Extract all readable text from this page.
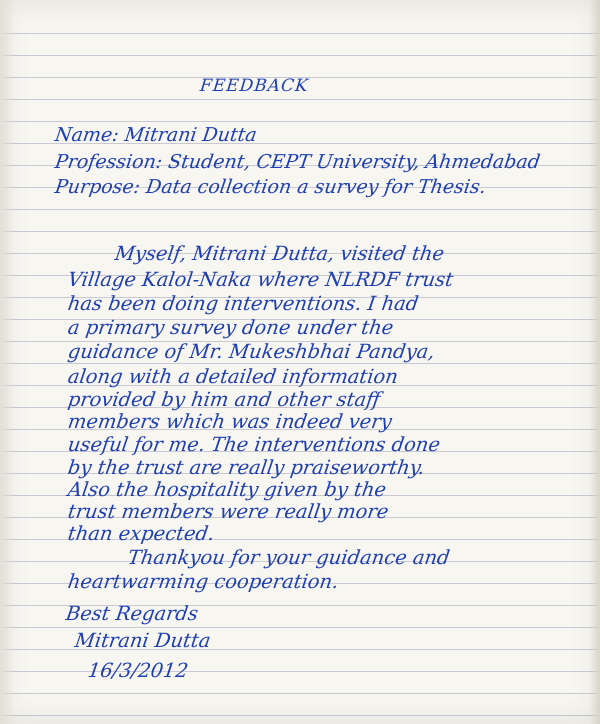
FEEDBACK
Name: Mitrani Dutta
Profession: Student, CEPT University, Ahmedabad
Purpose: Data collection a survey for Thesis.
Myself, Mitrani Dutta, visited the
Village Kalol-Naka where NLRDF trust
has been doing interventions. I had
a primary survey done under the
guidance of Mr. Mukeshbhai Pandya,
along with a detailed information
provided by him and other staff
members which was indeed very
useful for me. The interventions done
by the trust are really praiseworthy.
Also the hospitality given by the
trust members were really more
than expected.
Thankyou for your guidance and
heartwarming cooperation.
Best Regards
Mitrani Dutta
16/3/2012
